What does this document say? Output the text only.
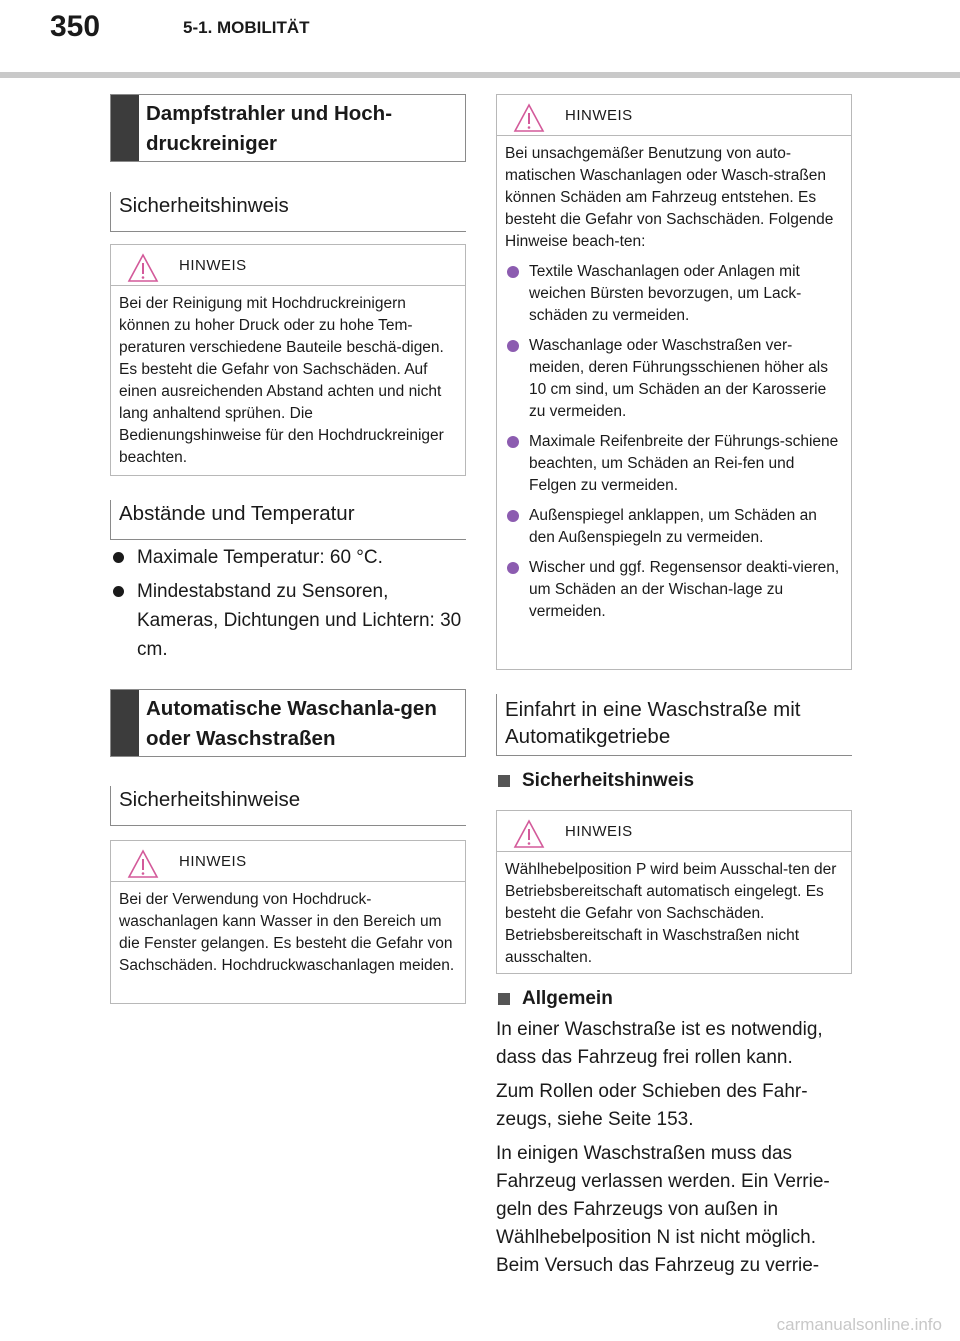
350	5-1. MOBILITÄT
Dampfstrahler und Hoch-druckreiniger
Sicherheitshinweis
HINWEIS

Bei der Reinigung mit Hochdruckreinigern können zu hoher Druck oder zu hohe Tem-peraturen verschiedene Bauteile beschä-digen. Es besteht die Gefahr von Sachschäden. Auf einen ausreichenden Abstand achten und nicht lang anhaltend sprühen. Die Bedienungshinweise für den Hochdruckreiniger beachten.

Abstände und Temperatur
Maximale Temperatur: 60 °C.
Mindestabstand zu Sensoren, Kameras, Dichtungen und Lichtern: 30 cm.
Automatische Waschanla-gen oder Waschstraßen
Sicherheitshinweise
HINWEIS

Bei der Verwendung von Hochdruck-waschanlagen kann Wasser in den Bereich um die Fenster gelangen. Es besteht die Gefahr von Sachschäden. Hochdruckwaschanlagen meiden.

HINWEIS

Bei unsachgemäßer Benutzung von auto-matischen Waschanlagen oder Wasch-straßen können Schäden am Fahrzeug entstehen. Es besteht die Gefahr von Sachschäden. Folgende Hinweise beach-ten:

Textile Waschanlagen oder Anlagen mit weichen Bürsten bevorzugen, um Lack-schäden zu vermeiden.
Waschanlage oder Waschstraßen ver-meiden, deren Führungsschienen höher als 10 cm sind, um Schäden an der Karosserie zu vermeiden.
Maximale Reifenbreite der Führungs-schiene beachten, um Schäden an Rei-fen und Felgen zu vermeiden.
Außenspiegel anklappen, um Schäden an den Außenspiegeln zu vermeiden.
Wischer und ggf. Regensensor deakti-vieren, um Schäden an der Wischan-lage zu vermeiden.
Einfahrt in eine Waschstraße mit Automatikgetriebe
Sicherheitshinweis
HINWEIS

Wählhebelposition P wird beim Ausschal-ten der Betriebsbereitschaft automatisch eingelegt. Es besteht die Gefahr von Sachschäden. Betriebsbereitschaft in Waschstraßen nicht ausschalten.

Allgemein

In einer Waschstraße ist es notwendig, dass das Fahrzeug frei rollen kann.

Zum Rollen oder Schieben des Fahr-zeugs, siehe Seite 153.

In einigen Waschstraßen muss das Fahrzeug verlassen werden. Ein Verrie-geln des Fahrzeugs von außen in Wählhebelposition N ist nicht möglich. Beim Versuch das Fahrzeug zu verrie-

carmanualsonline.info
